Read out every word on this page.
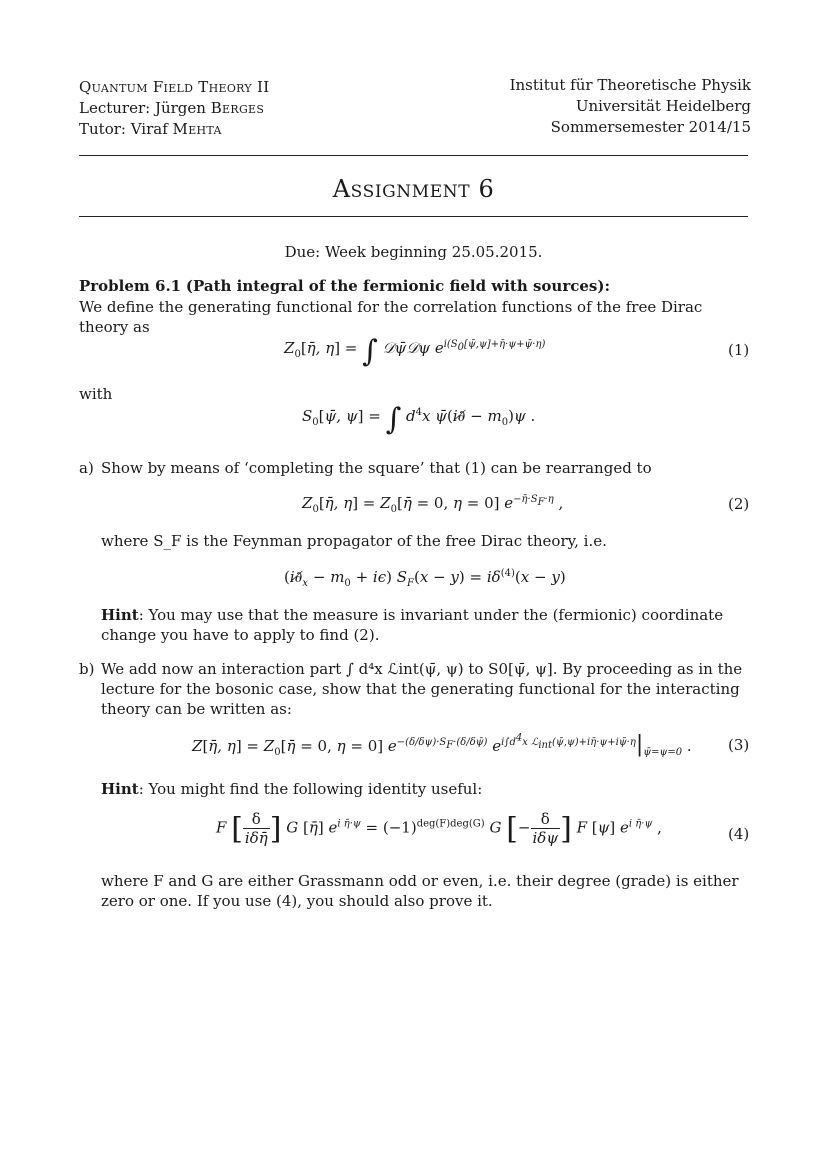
Quantum Field Theory II
Lecturer: Jürgen Berges
Tutor: Viraf Mehta
Institut für Theoretische Physik
Universität Heidelberg
Sommersemester 2014/15
Assignment 6
Due: Week beginning 25.05.2015.
Problem 6.1 (Path integral of the fermionic field with sources):
We define the generating functional for the correlation functions of the free Dirac theory as
$Z_0[\etā$, η] = ∫ 𝒟ψ̄𝒟ψ $e^{i(S_0[\psī,\psi]+\etā\cdot\psi+\psī\cdot\eta)}$	(1)
with
$S_0[\psī$, ψ] = ∫ $d^4x$ ψ̄(i∂̸ − $m_0)\psi$ .
a) Show by means of ‘completing the square’ that (1) can be rearranged to
$Z_0[\etā$, $\eta] = Z_0[\etā = 0$, η = 0] $e^{-\etā\cdot S_F\cdot\eta}$ ,	(2)
where S_F is the Feynman propagator of the free Dirac theory, i.e.
$(i\partial̸_x - m_0 + i\epsilon) S_F(x - y) = i\delta^{(4)}(x - y)$
Hint: You may use that the measure is invariant under the (fermionic) coordinate change you have to apply to find (2).
b) We add now an interaction part ∫ d⁴x ℒint(ψ̄, ψ) to S0[ψ̄, ψ]. By proceeding as in the lecture for the bosonic case, show that the generating functional for the interacting theory can be written as:
Z[η̄, $\eta] = Z_0[\etā = 0$, η = 0] $e^{-(\delta/\delta\psi)\cdot S_F\cdot(\delta/\delta\psī)}$ $e^{i\int d^4x ℒ_{int}(\psī,\psi)+i\etā\cdot\psi+i\psī\cdot\eta}|_{\psī=\psi=0}$ . (3)
Hint: You might find the following identity useful:
F [ $\frac{\delta}{\text{iδη̄}}$ ] G [η̄] $e^{i \etā\cdot\psi} = (-1)^{deg(F)deg(G)}$ G [− $\frac{\delta}{\text{iδψ}}$ ] F [ψ] $e^{i \etā\cdot\psi}$ ,	(4)
where F and G are either Grassmann odd or even, i.e. their degree (grade) is either zero or one. If you use (4), you should also prove it.
